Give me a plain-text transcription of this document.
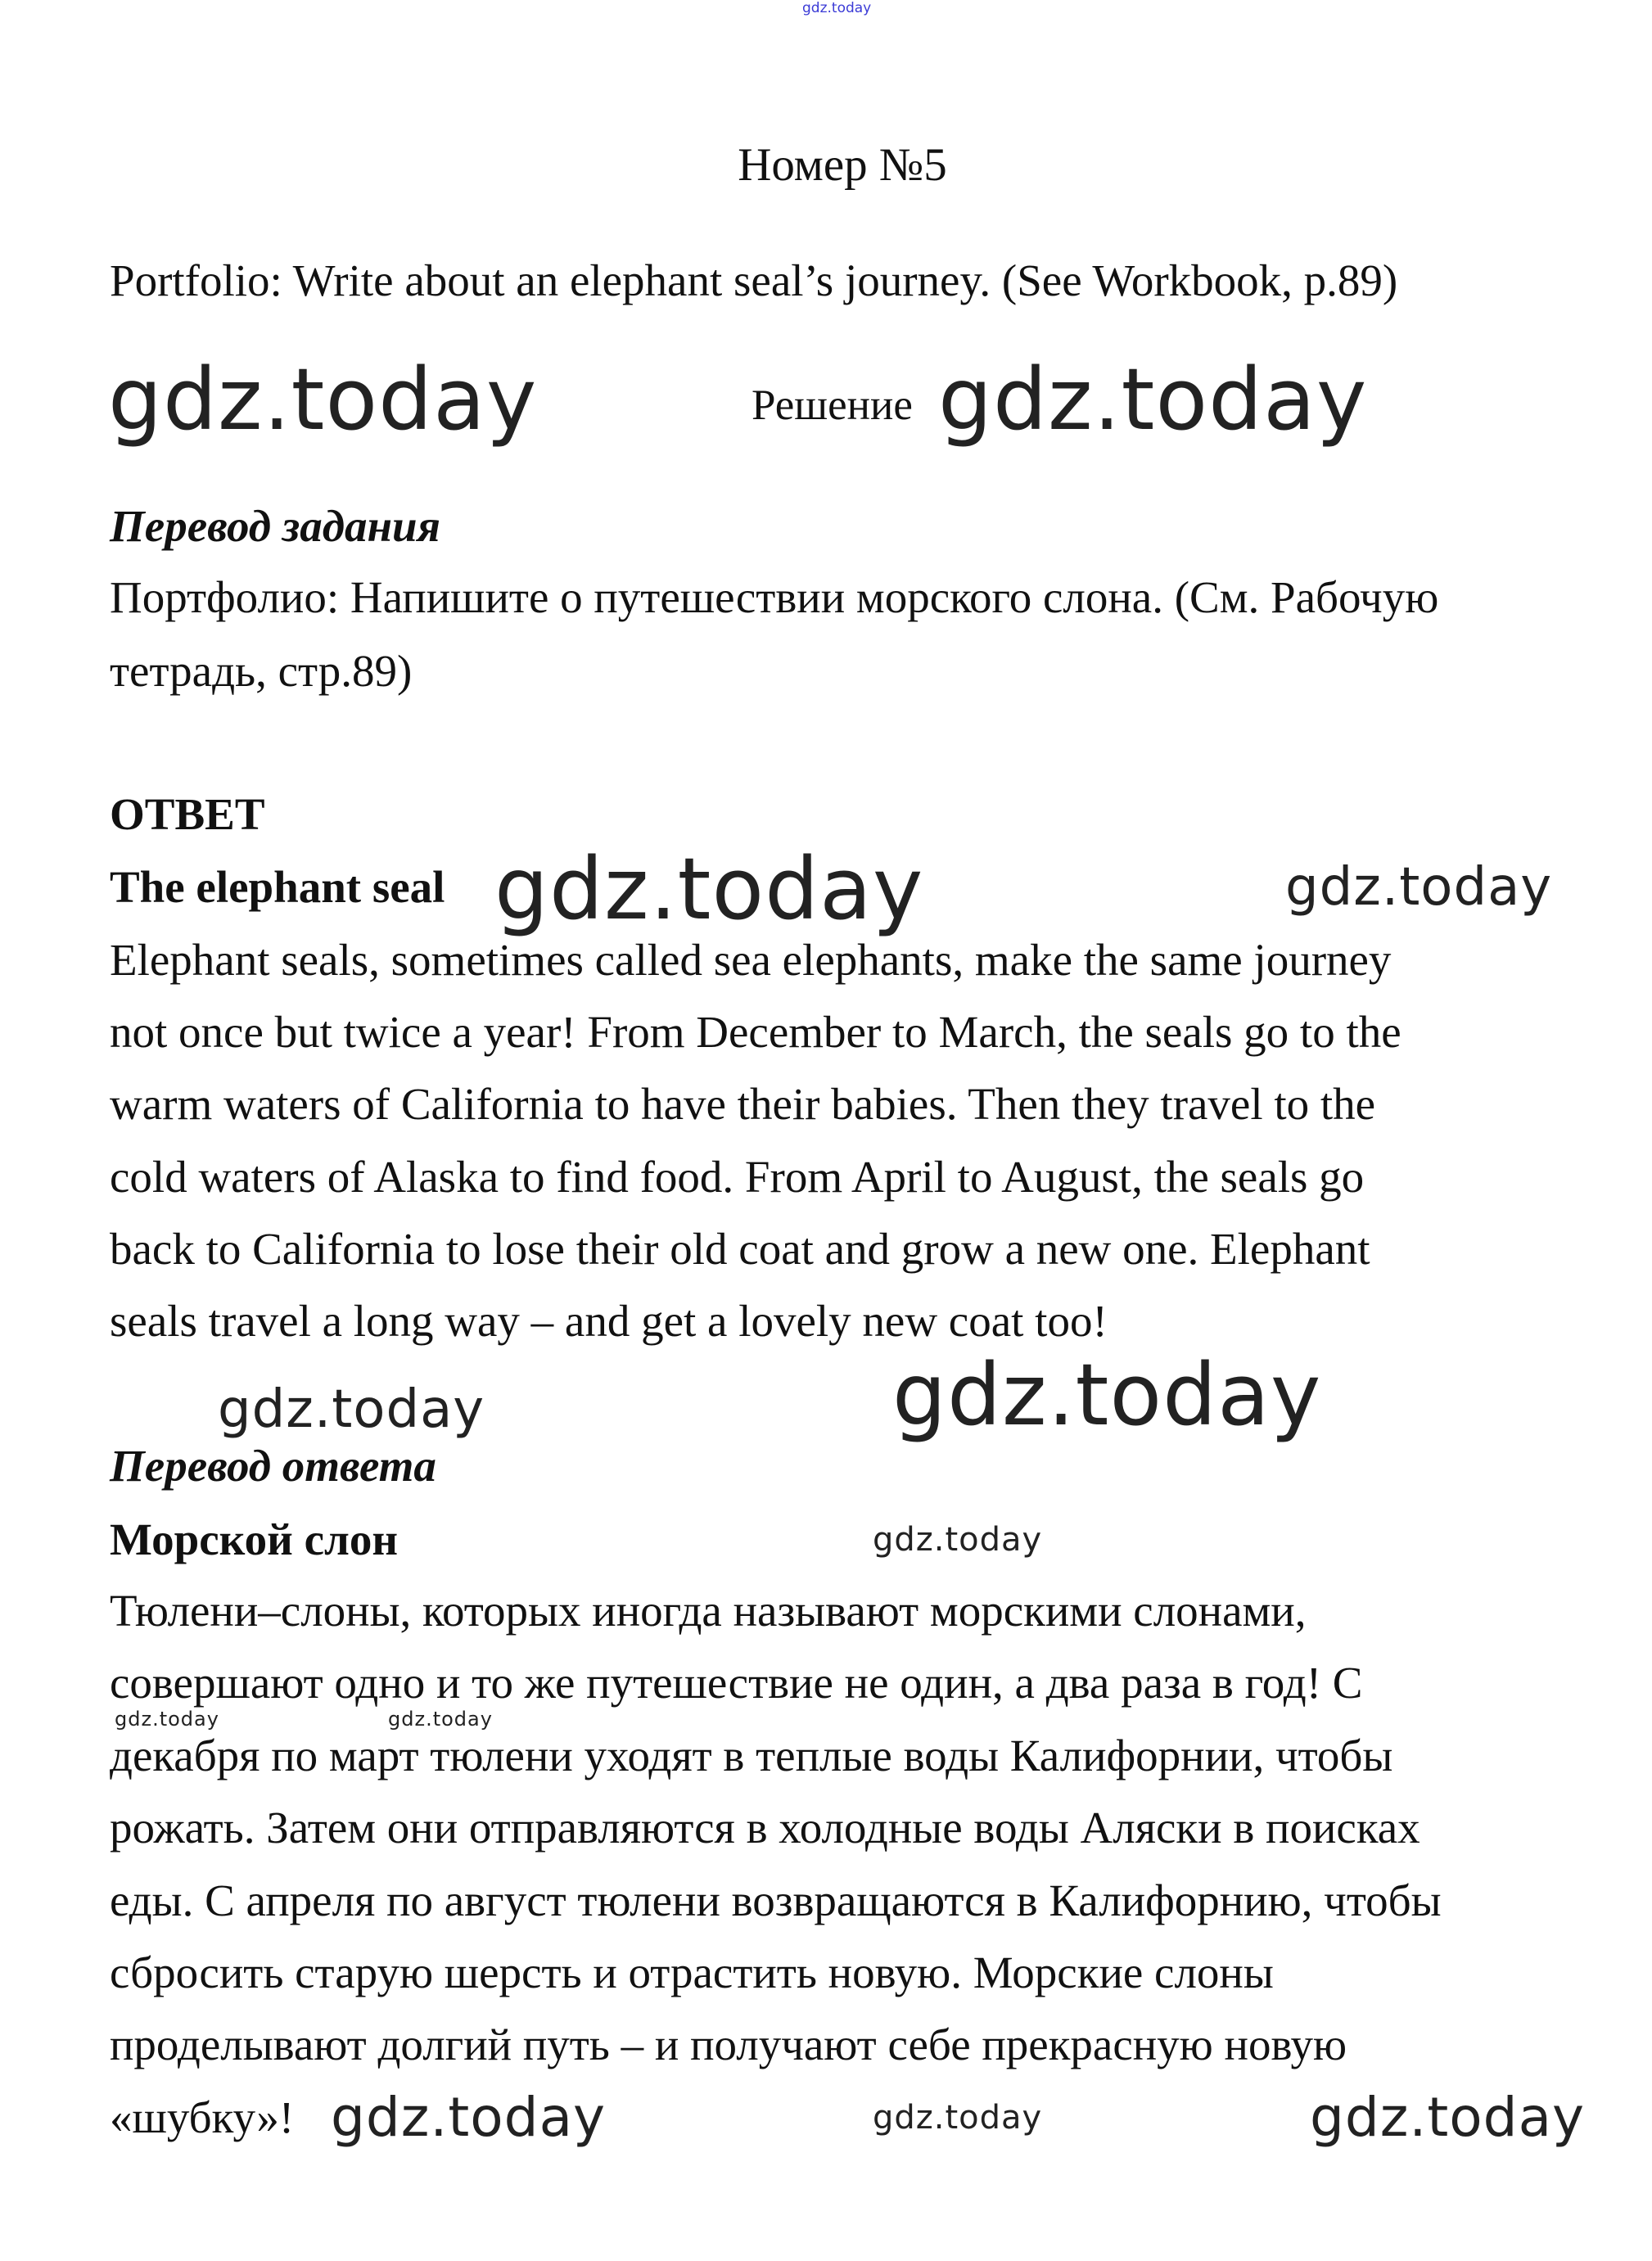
gdz.today
Номер №5
Portfolio: Write about an elephant seal’s journey. (See Workbook, p.89)
gdz.today	Решение gdz.today
Перевод задания
Портфолио: Напишите о путешествии морского слона. (См. Рабочую
тетрадь, стр.89)
ОТВЕТ
The elephant seal gdz.today	gdz.today
Elephant seals, sometimes called sea elephants, make the same journey
not once but twice a year! From December to March, the seals go to the
warm waters of California to have their babies. Then they travel to the
cold waters of Alaska to find food. From April to August, the seals go
back to California to lose their old coat and grow a new one. Elephant
seals travel a long way – and get a lovely new coat too!
gdz.today
gdz.today
Перевод ответа
Морской слон	gdz.today
Тюлени–слоны, которых иногда называют морскими слонами,
совершают одно и то же путешествие не один, а два раза в год! С
gdz.today	gdz.today
декабря по март тюлени уходят в теплые воды Калифорнии, чтобы
рожать. Затем они отправляются в холодные воды Аляски в поисках
еды. С апреля по август тюлени возвращаются в Калифорнию, чтобы
сбросить старую шерсть и отрастить новую. Морские слоны
проделывают долгий путь – и получают себе прекрасную новую
«шубку»! gdz.today	gdz.today	gdz.today
